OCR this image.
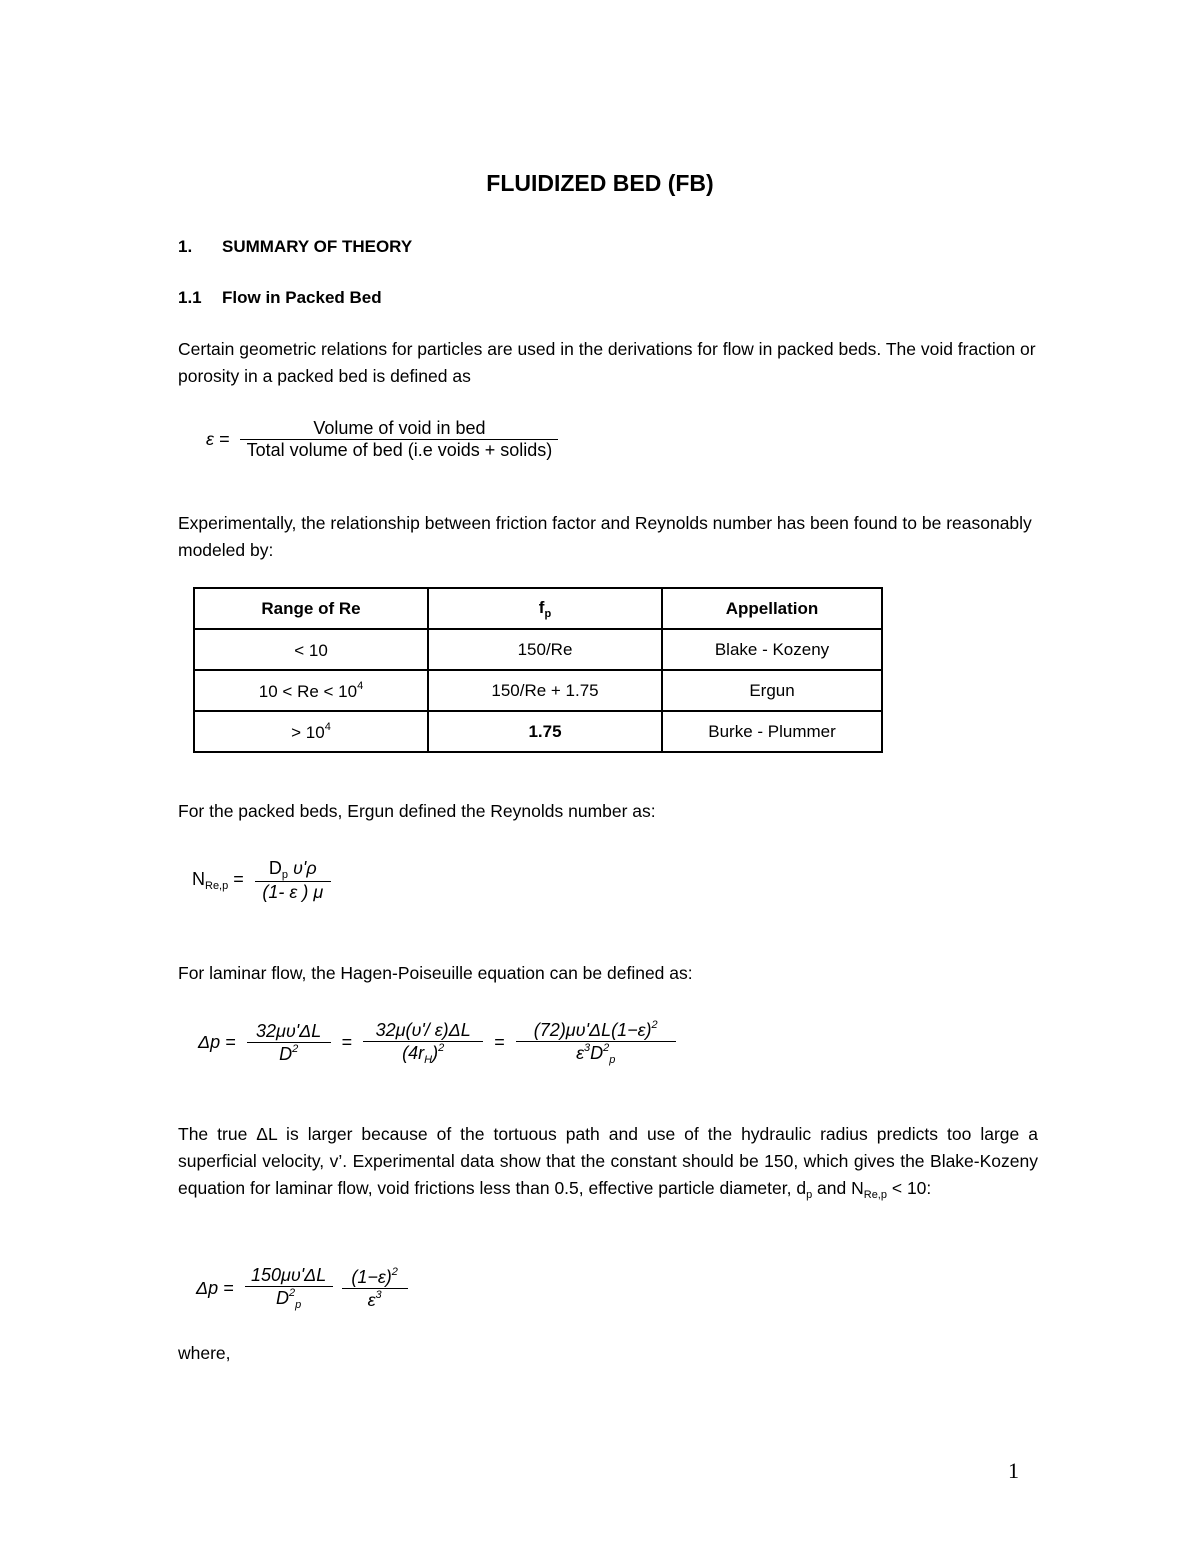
FLUIDIZED BED (FB)
1. SUMMARY OF THEORY
1.1 Flow in Packed Bed
Certain geometric relations for particles are used in the derivations for flow in packed beds. The void fraction or porosity in a packed bed is defined as
$\varepsilon = \frac{\text{Volume of void in bed}}{\text{Total volume of bed (i.e voids + solids)}}$
Experimentally, the relationship between friction factor and Reynolds number has been found to be reasonably modeled by:
Range of Re	$f_p$	Appellation
< 10	150/Re	Blake - Kozeny
$10 < Re < 10^4$	150/Re + 1.75	Ergun
> $10^4$	1.75	Burke - Plummer
For the packed beds, Ergun defined the Reynolds number as:
$N_{Re,p} = \frac{D_p \upsilon'\rho}{(1- \varepsilon ) \mu}$
For laminar flow, the Hagen-Poiseuille equation can be defined as:
$\Delta p = \frac{32\mu\upsilon'\Delta L}{D^2} = \frac{32\mu(\upsilon'/ \varepsilon)\Delta L}{(4r_H)^2} = \frac{(72)\mu\upsilon'\Delta L(1-\varepsilon)^2}{\varepsilon^3D^2_p}$
The true ΔL is larger because of the tortuous path and use of the hydraulic radius predicts too large a superficial velocity, v’. Experimental data show that the constant should be 150, which gives the Blake-Kozeny equation for laminar flow, void frictions less than 0.5, effective particle diameter, $d_p$ and $N_{Re,p} < 10$:
$\Delta p = \frac{150\mu\upsilon'\Delta L}{D^2_p}$
$\frac{(1-\varepsilon)^2}{\varepsilon^3}$
where,
1
